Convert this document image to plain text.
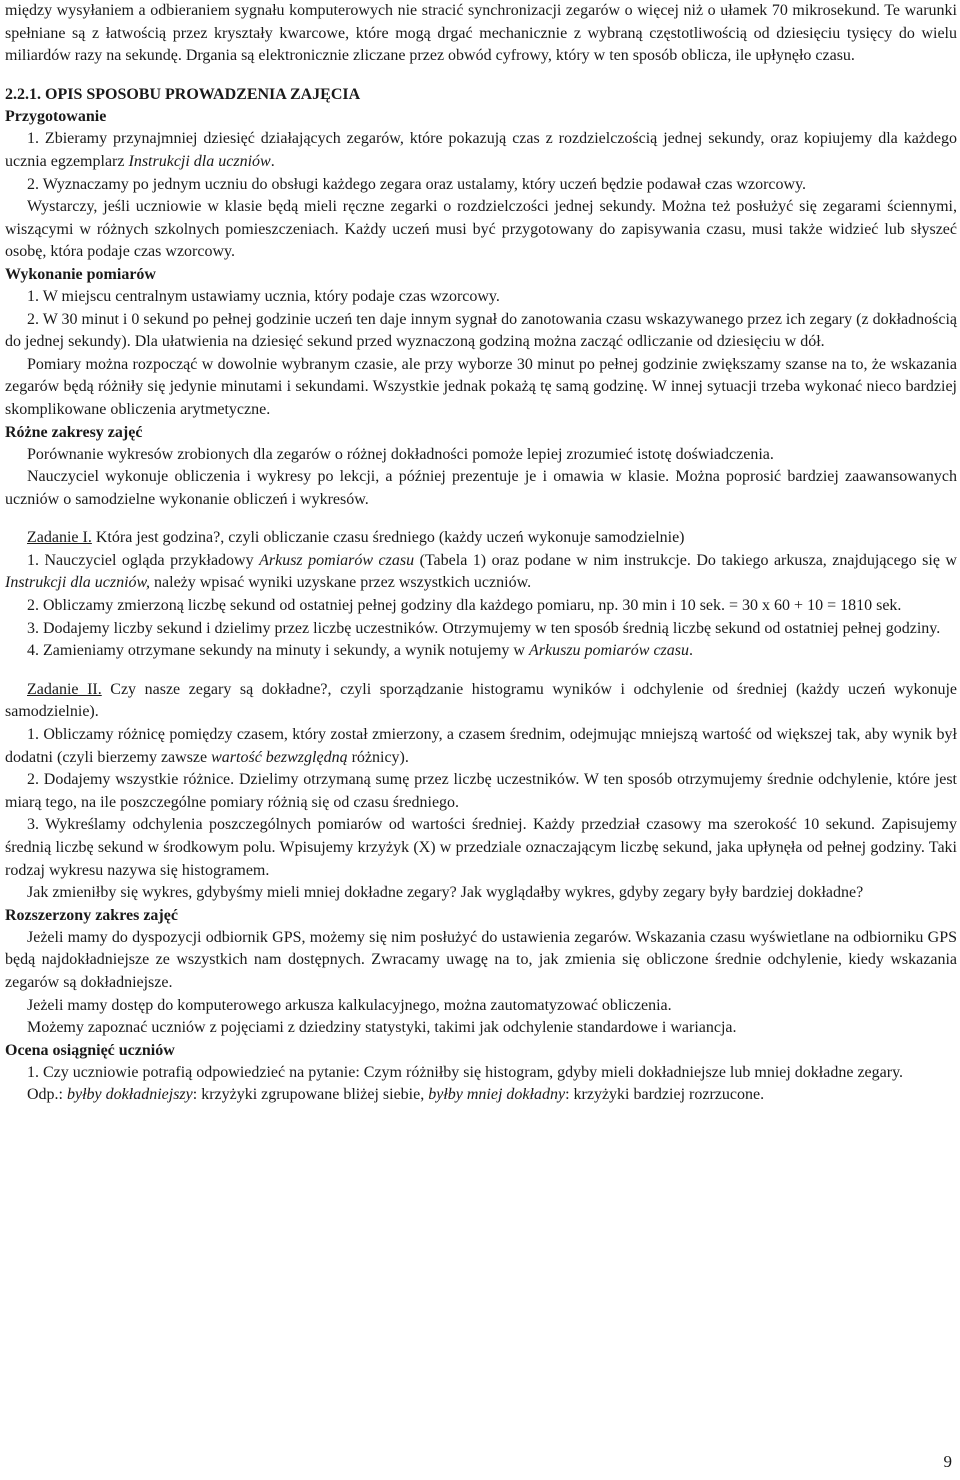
między wysyłaniem a odbieraniem sygnału komputerowych nie stracić synchronizacji zegarów o więcej niż o ułamek 70 mikrosekund. Te warunki spełniane są z łatwością przez kryształy kwarcowe, które mogą drgać mechanicznie z wybraną częstotliwością od dziesięciu tysięcy do wielu miliardów razy na sekundę. Drgania są elektronicznie zliczane przez obwód cyfrowy, który w ten sposób oblicza, ile upłynęło czasu.

2.2.1. OPIS SPOSOBU PROWADZENIA ZAJĘCIA

Przygotowanie

1. Zbieramy przynajmniej dziesięć działających zegarów, które pokazują czas z rozdzielczością jednej sekundy, oraz kopiujemy dla każdego ucznia egzemplarz Instrukcji dla uczniów.

2. Wyznaczamy po jednym uczniu do obsługi każdego zegara oraz ustalamy, który uczeń będzie podawał czas wzorcowy.

Wystarczy, jeśli uczniowie w klasie będą mieli ręczne zegarki o rozdzielczości jednej sekundy. Można też posłużyć się zegarami ściennymi, wiszącymi w różnych szkolnych pomieszczeniach. Każdy uczeń musi być przygotowany do zapisywania czasu, musi także widzieć lub słyszeć osobę, która podaje czas wzorcowy.

Wykonanie pomiarów

1. W miejscu centralnym ustawiamy ucznia, który podaje czas wzorcowy.

2. W 30 minut i 0 sekund po pełnej godzinie uczeń ten daje innym sygnał do zanotowania czasu wskazywanego przez ich zegary (z dokładnością do jednej sekundy). Dla ułatwienia na dziesięć sekund przed wyznaczoną godziną można zacząć odliczanie od dziesięciu w dół.

Pomiary można rozpocząć w dowolnie wybranym czasie, ale przy wyborze 30 minut po pełnej godzinie zwiększamy szanse na to, że wskazania zegarów będą różniły się jedynie minutami i sekundami. Wszystkie jednak pokażą tę samą godzinę. W innej sytuacji trzeba wykonać nieco bardziej skomplikowane obliczenia arytmetyczne.

Różne zakresy zajęć

Porównanie wykresów zrobionych dla zegarów o różnej dokładności pomoże lepiej zrozumieć istotę doświadczenia.

Nauczyciel wykonuje obliczenia i wykresy po lekcji, a później prezentuje je i omawia w klasie. Można poprosić bardziej zaawansowanych uczniów o samodzielne wykonanie obliczeń i wykresów.

Zadanie I. Która jest godzina?, czyli obliczanie czasu średniego (każdy uczeń wykonuje samodzielnie)

1. Nauczyciel ogląda przykładowy Arkusz pomiarów czasu (Tabela 1) oraz podane w nim instrukcje. Do takiego arkusza, znajdującego się w Instrukcji dla uczniów, należy wpisać wyniki uzyskane przez wszystkich uczniów.

2. Obliczamy zmierzoną liczbę sekund od ostatniej pełnej godziny dla każdego pomiaru, np. 30 min i 10 sek. = 30 x 60 + 10 = 1810 sek.

3. Dodajemy liczby sekund i dzielimy przez liczbę uczestników. Otrzymujemy w ten sposób średnią liczbę sekund od ostatniej pełnej godziny.

4. Zamieniamy otrzymane sekundy na minuty i sekundy, a wynik notujemy w Arkuszu pomiarów czasu.

Zadanie II. Czy nasze zegary są dokładne?, czyli sporządzanie histogramu wyników i odchylenie od średniej (każdy uczeń wykonuje samodzielnie).

1. Obliczamy różnicę pomiędzy czasem, który został zmierzony, a czasem średnim, odejmując mniejszą wartość od większej tak, aby wynik był dodatni (czyli bierzemy zawsze wartość bezwzględną różnicy).

2. Dodajemy wszystkie różnice. Dzielimy otrzymaną sumę przez liczbę uczestników. W ten sposób otrzymujemy średnie odchylenie, które jest miarą tego, na ile poszczególne pomiary różnią się od czasu średniego.

3. Wykreślamy odchylenia poszczególnych pomiarów od wartości średniej. Każdy przedział czasowy ma szerokość 10 sekund. Zapisujemy średnią liczbę sekund w środkowym polu. Wpisujemy krzyżyk (X) w przedziale oznaczającym liczbę sekund, jaka upłynęła od pełnej godziny. Taki rodzaj wykresu nazywa się histogramem.

Jak zmieniłby się wykres, gdybyśmy mieli mniej dokładne zegary? Jak wyglądałby wykres, gdyby zegary były bardziej dokładne?

Rozszerzony zakres zajęć

Jeżeli mamy do dyspozycji odbiornik GPS, możemy się nim posłużyć do ustawienia zegarów. Wskazania czasu wyświetlane na odbiorniku GPS będą najdokładniejsze ze wszystkich nam dostępnych. Zwracamy uwagę na to, jak zmienia się obliczone średnie odchylenie, kiedy wskazania zegarów są dokładniejsze.

Jeżeli mamy dostęp do komputerowego arkusza kalkulacyjnego, można zautomatyzować obliczenia.

Możemy zapoznać uczniów z pojęciami z dziedziny statystyki, takimi jak odchylenie standardowe i wariancja.

Ocena osiągnięć uczniów

1. Czy uczniowie potrafią odpowiedzieć na pytanie: Czym różniłby się histogram, gdyby mieli dokładniejsze lub mniej dokładne zegary.

Odp.: byłby dokładniejszy: krzyżyki zgrupowane bliżej siebie, byłby mniej dokładny: krzyżyki bardziej rozrzucone.

9
